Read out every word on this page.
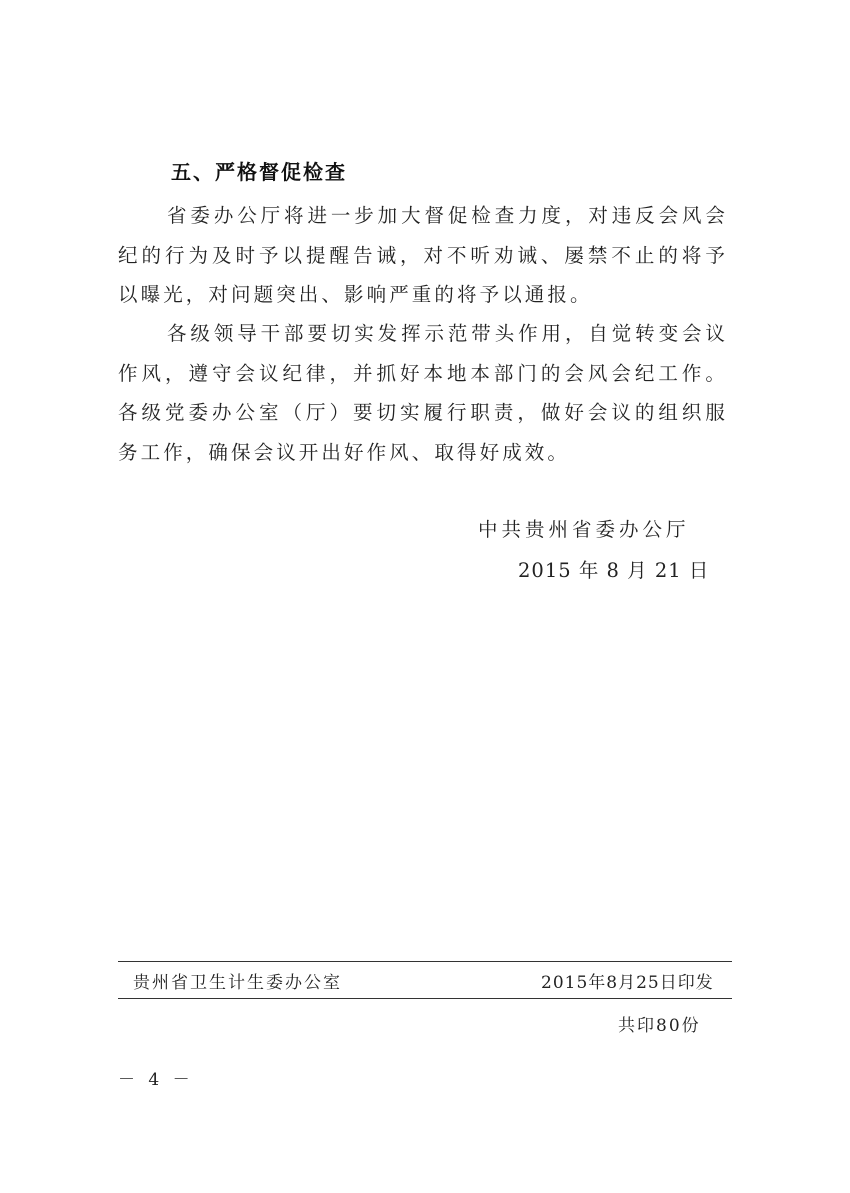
五、严格督促检查
省委办公厅将进一步加大督促检查力度，对违反会风会纪的行为及时予以提醒告诫，对不听劝诫、屡禁不止的将予以曝光，对问题突出、影响严重的将予以通报。
各级领导干部要切实发挥示范带头作用，自觉转变会议作风，遵守会议纪律，并抓好本地本部门的会风会纪工作。各级党委办公室（厅）要切实履行职责，做好会议的组织服务工作，确保会议开出好作风、取得好成效。
中共贵州省委办公厅
2015 年 8 月 21 日
贵州省卫生计生委办公室	2015年8月25日印发
共印80份
－ 4 －
